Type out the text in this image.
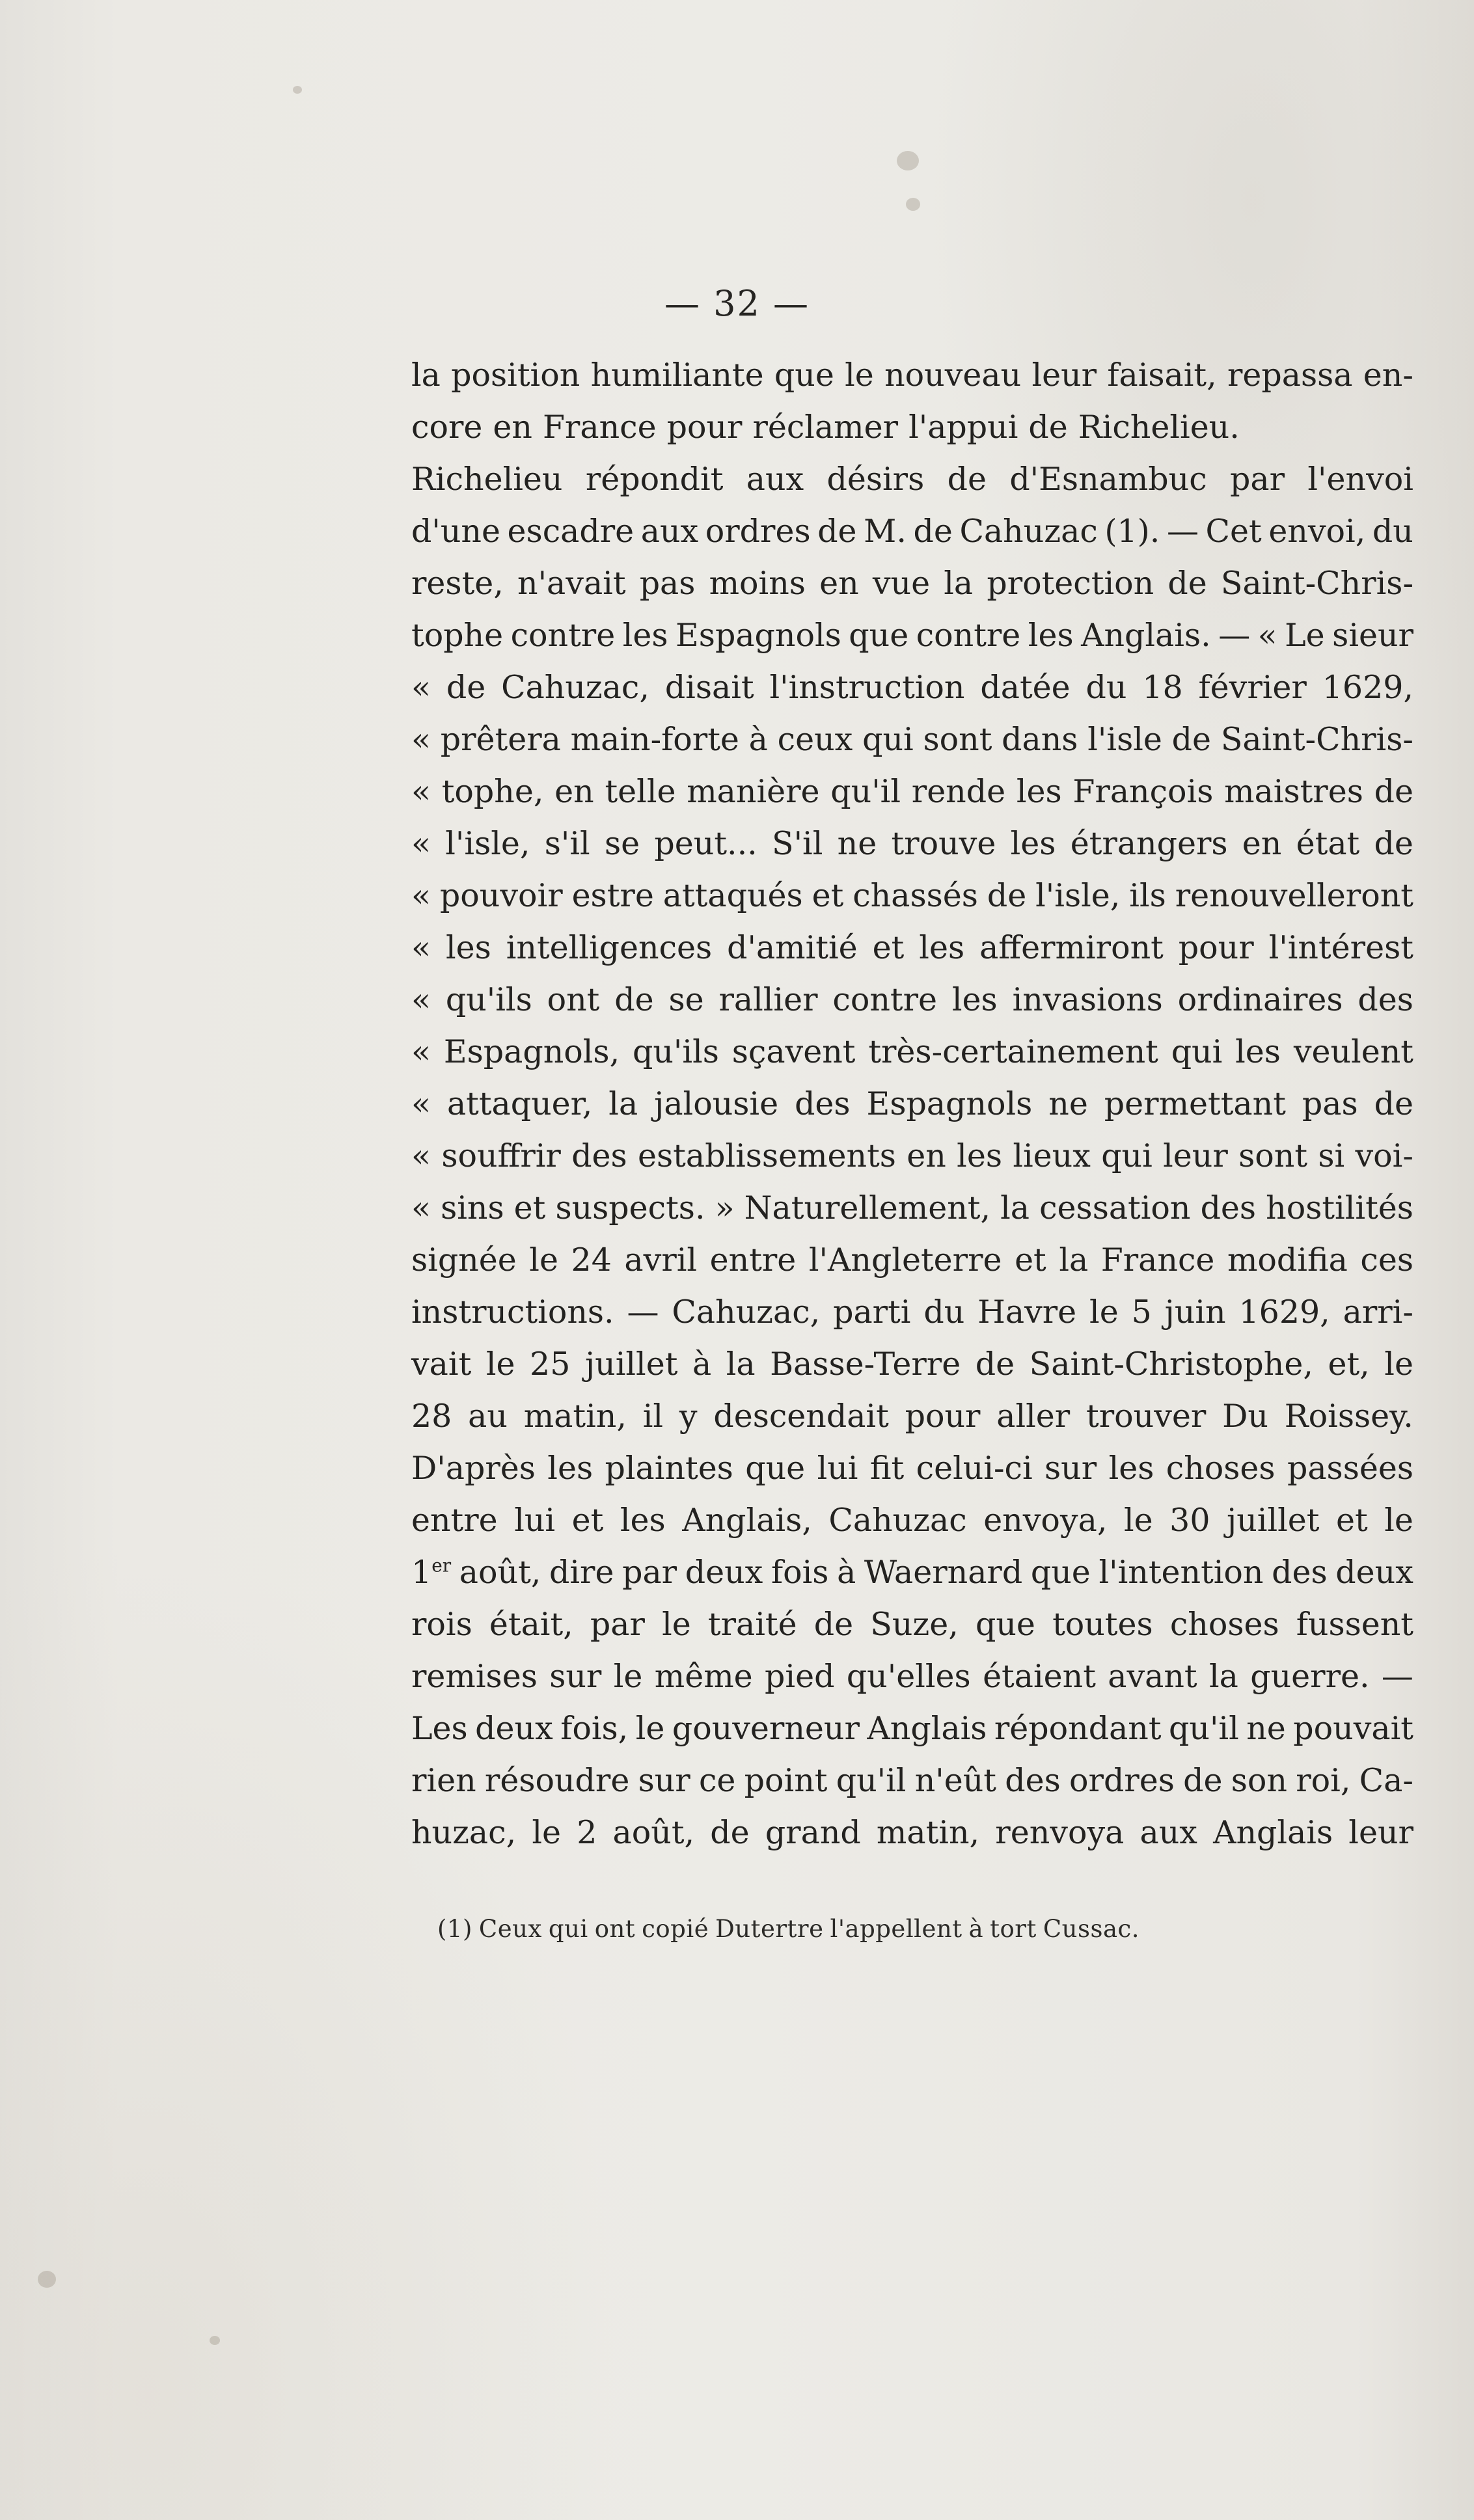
— 32 —
la position humiliante que le nouveau leur faisait, repassa en-
core en France pour réclamer l'appui de Richelieu.
Richelieu répondit aux désirs de d'Esnambuc par l'envoi
d'une escadre aux ordres de M. de Cahuzac (1). — Cet envoi, du
reste, n'avait pas moins en vue la protection de Saint-Chris-
tophe contre les Espagnols que contre les Anglais. — « Le sieur
« de Cahuzac, disait l'instruction datée du 18 février 1629,
« prêtera main-forte à ceux qui sont dans l'isle de Saint-Chris-
« tophe, en telle manière qu'il rende les François maistres de
« l'isle, s'il se peut... S'il ne trouve les étrangers en état de
« pouvoir estre attaqués et chassés de l'isle, ils renouvelleront
« les intelligences d'amitié et les affermiront pour l'intérest
« qu'ils ont de se rallier contre les invasions ordinaires des
« Espagnols, qu'ils sçavent très-certainement qui les veulent
« attaquer, la jalousie des Espagnols ne permettant pas de
« souffrir des establissements en les lieux qui leur sont si voi-
« sins et suspects. » Naturellement, la cessation des hostilités
signée le 24 avril entre l'Angleterre et la France modifia ces
instructions. — Cahuzac, parti du Havre le 5 juin 1629, arri-
vait le 25 juillet à la Basse-Terre de Saint-Christophe, et, le
28 au matin, il y descendait pour aller trouver Du Roissey.
D'après les plaintes que lui fit celui-ci sur les choses passées
entre lui et les Anglais, Cahuzac envoya, le 30 juillet et le
1er août, dire par deux fois à Waernard que l'intention des deux
rois était, par le traité de Suze, que toutes choses fussent
remises sur le même pied qu'elles étaient avant la guerre. —
Les deux fois, le gouverneur Anglais répondant qu'il ne pouvait
rien résoudre sur ce point qu'il n'eût des ordres de son roi, Ca-
huzac, le 2 août, de grand matin, renvoya aux Anglais leur
(1) Ceux qui ont copié Dutertre l'appellent à tort Cussac.
